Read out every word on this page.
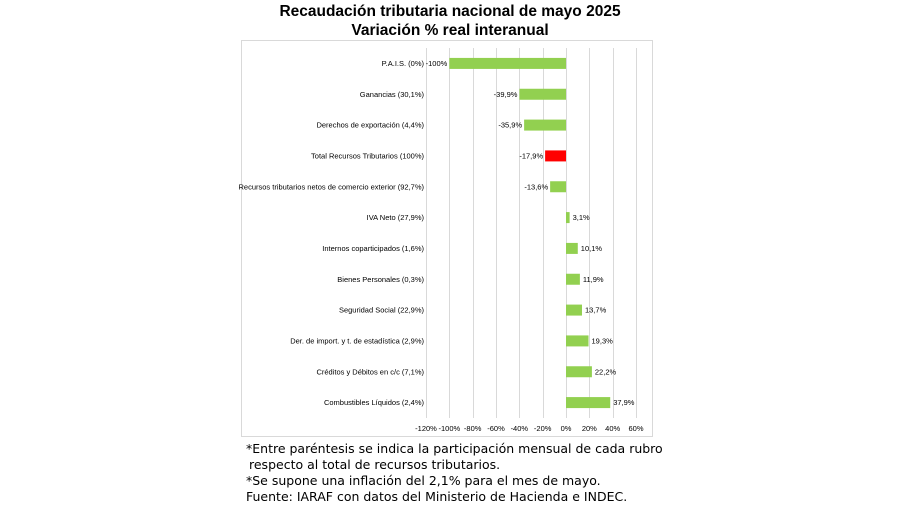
Recaudación tributaria nacional de mayo 2025
Variación % real interanual
-120% -100% -80% -60% -40% -20% 0% 20% 40% 60%
P.A.I.S. (0%) -100%
Ganancias (30,1%)	-39,9%
Derechos de exportación (4,4%)	-35,9%
Total Recursos Tributarios (100%)	-17,9%
Recursos tributarios netos de comercio exterior (92,7%)	-13,6%
IVA Neto (27,9%)	3,1%
Internos coparticipados (1,6%)	10,1%
Bienes Personales (0,3%)	11,9%
Seguridad Social (22,9%)	13,7%
Der. de import. y t. de estadística (2,9%)	19,3%
Créditos y Débitos en c/c (7,1%)	22,2%
Combustibles Líquidos (2,4%)	37,9%
*Entre paréntesis se indica la participación mensual de cada rubro
respecto al total de recursos tributarios.
*Se supone una inflación del 2,1% para el mes de mayo.
Fuente: IARAF con datos del Ministerio de Hacienda e INDEC.
